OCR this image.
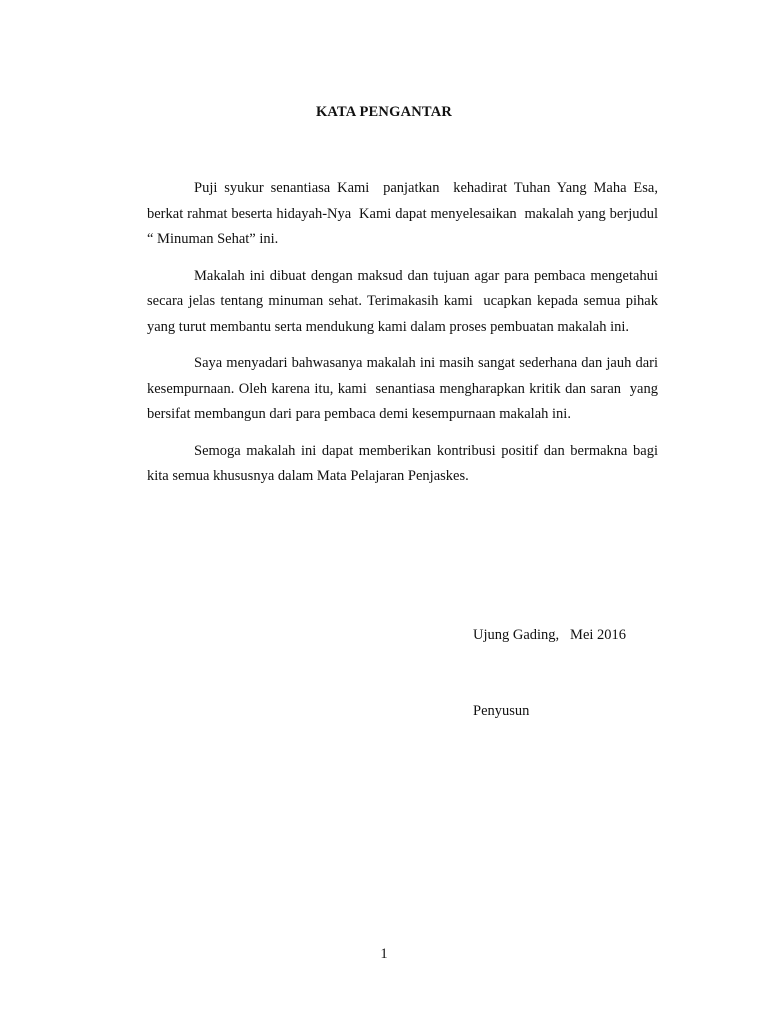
KATA PENGANTAR

Puji syukur senantiasa Kami  panjatkan  kehadirat Tuhan Yang Maha Esa, berkat rahmat beserta hidayah-Nya  Kami dapat menyelesaikan  makalah yang berjudul “ Minuman Sehat” ini.

Makalah ini dibuat dengan maksud dan tujuan agar para pembaca mengetahui secara jelas tentang minuman sehat. Terimakasih kami  ucapkan kepada semua pihak yang turut membantu serta mendukung kami dalam proses pembuatan makalah ini.

Saya menyadari bahwasanya makalah ini masih sangat sederhana dan jauh dari kesempurnaan. Oleh karena itu, kami  senantiasa mengharapkan kritik dan saran  yang bersifat membangun dari para pembaca demi kesempurnaan makalah ini.

Semoga makalah ini dapat memberikan kontribusi positif dan bermakna bagi kita semua khususnya dalam Mata Pelajaran Penjaskes.

Ujung Gading,   Mei 2016
Penyusun
1
